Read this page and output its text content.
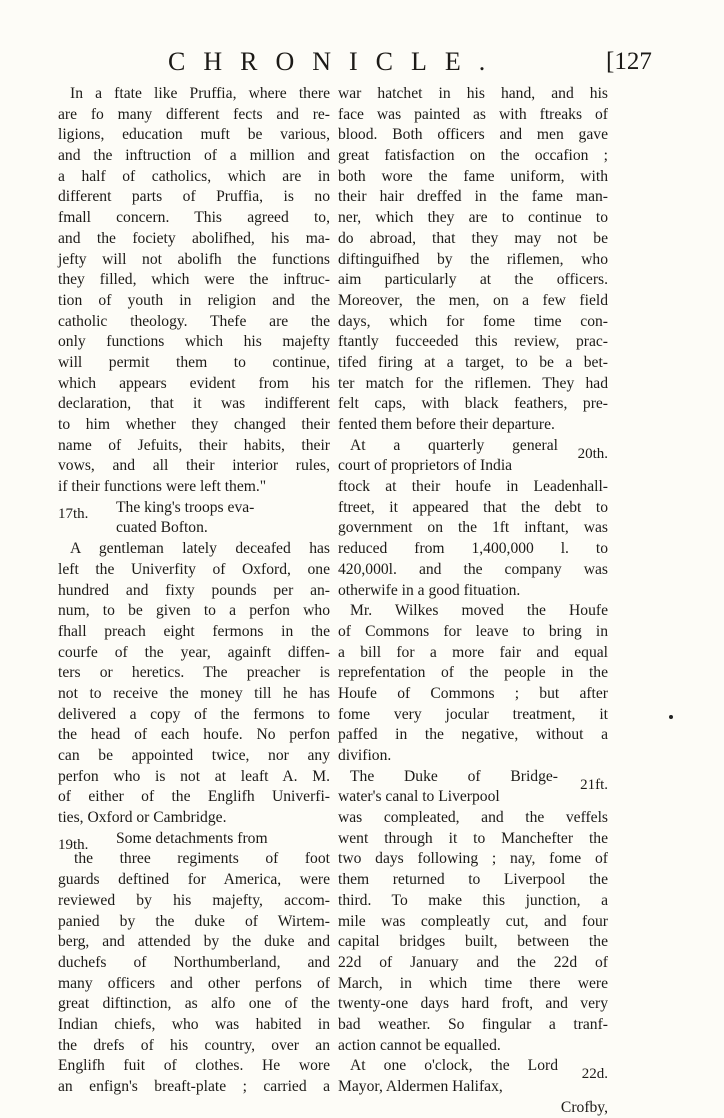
CHRONICLE.	[127
In a ftate like Pruffia, where there
are fo many different fects and re-
ligions, education muft be various,
and the inftruction of a million and
a half of catholics, which are in
different parts of Pruffia, is no
fmall concern. This agreed to,
and the fociety abolifhed, his ma-
jefty will not abolifh the functions
they filled, which were the inftruc-
tion of youth in religion and the
catholic theology. Thefe are the
only functions which his majefty
will permit them to continue,
which appears evident from his
declaration, that it was indifferent
to him whether they changed their
name of Jefuits, their habits, their
vows, and all their interior rules,
if their functions were left them."
17th.	The king's troops eva-
cuated Bofton.
A gentleman lately deceafed has
left the Univerfity of Oxford, one
hundred and fixty pounds per an-
num, to be given to a perfon who
fhall preach eight fermons in the
courfe of the year, againft diffen-
ters or heretics. The preacher is
not to receive the money till he has
delivered a copy of the fermons to
the head of each houfe. No perfon
can be appointed twice, nor any
perfon who is not at leaft A. M.
of either of the Englifh Univerfi-
ties, Oxford or Cambridge.
19th.	Some detachments from
the three regiments of foot
guards deftined for America, were
reviewed by his majefty, accom-
panied by the duke of Wirtem-
berg, and attended by the duke and
duchefs of Northumberland, and
many officers and other perfons of
great diftinction, as alfo one of the
Indian chiefs, who was habited in
the drefs of his country, over an
Englifh fuit of clothes. He wore
an enfign's breaft-plate ; carried a
war hatchet in his hand, and his
face was painted as with ftreaks of
blood. Both officers and men gave
great fatisfaction on the occafion ;
both wore the fame uniform, with
their hair dreffed in the fame man-
ner, which they are to continue to
do abroad, that they may not be
diftinguifhed by the riflemen, who
aim particularly at the officers.
Moreover, the men, on a few field
days, which for fome time con-
ftantly fucceeded this review, prac-
tifed firing at a target, to be a bet-
ter match for the riflemen. They had
felt caps, with black feathers, pre-
fented them before their departure.
At a quarterly general 20th.
court of proprietors of India
ftock at their houfe in Leadenhall-
ftreet, it appeared that the debt to
government on the 1ft inftant, was
reduced from 1,400,000 l. to
420,000l. and the company was
otherwife in a good fituation.
Mr. Wilkes moved the Houfe
of Commons for leave to bring in
a bill for a more fair and equal
reprefentation of the people in the
Houfe of Commons ; but after
fome very jocular treatment, it
paffed in the negative, without a
divifion.
The Duke of Bridge- 21ft.
water's canal to Liverpool
was compleated, and the veffels
went through it to Manchefter the
two days following ; nay, fome of
them returned to Liverpool the
third. To make this junction, a
mile was compleatly cut, and four
capital bridges built, between the
22d of January and the 22d of
March, in which time there were
twenty-one days hard froft, and very
bad weather. So fingular a tranf-
action cannot be equalled.
At one o'clock, the Lord 22d.
Mayor, Aldermen Halifax,
Crofby,
